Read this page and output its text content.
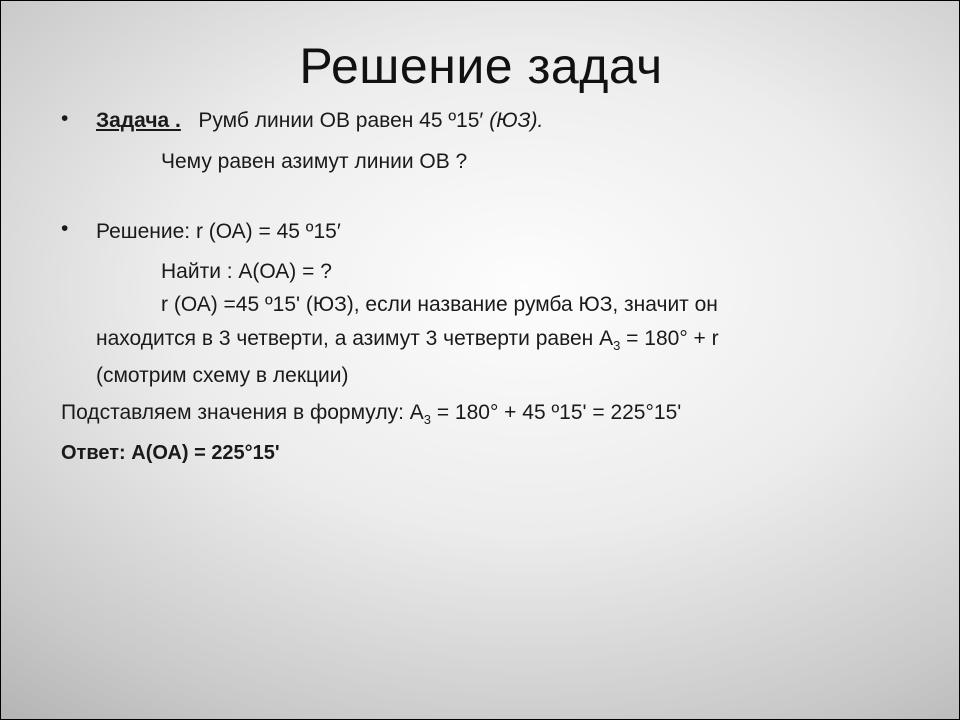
Решение задач
• Задача . Румб линии ОВ равен 45 º15′ (ЮЗ).
Чему равен азимут линии ОВ ?
• Решение: r (ОА) = 45 º15′
Найти : А(ОА) = ?
r (ОА) =45 º15' (ЮЗ), если название румба ЮЗ, значит он
находится в 3 четверти, а азимут 3 четверти равен $А_3 = 180^\circ + r$
(смотрим схему в лекции)
Подставляем значения в формулу: $А_3 = 180^\circ + 45$ º15' = 225°15'
Ответ: А(ОА) = 225°15'
